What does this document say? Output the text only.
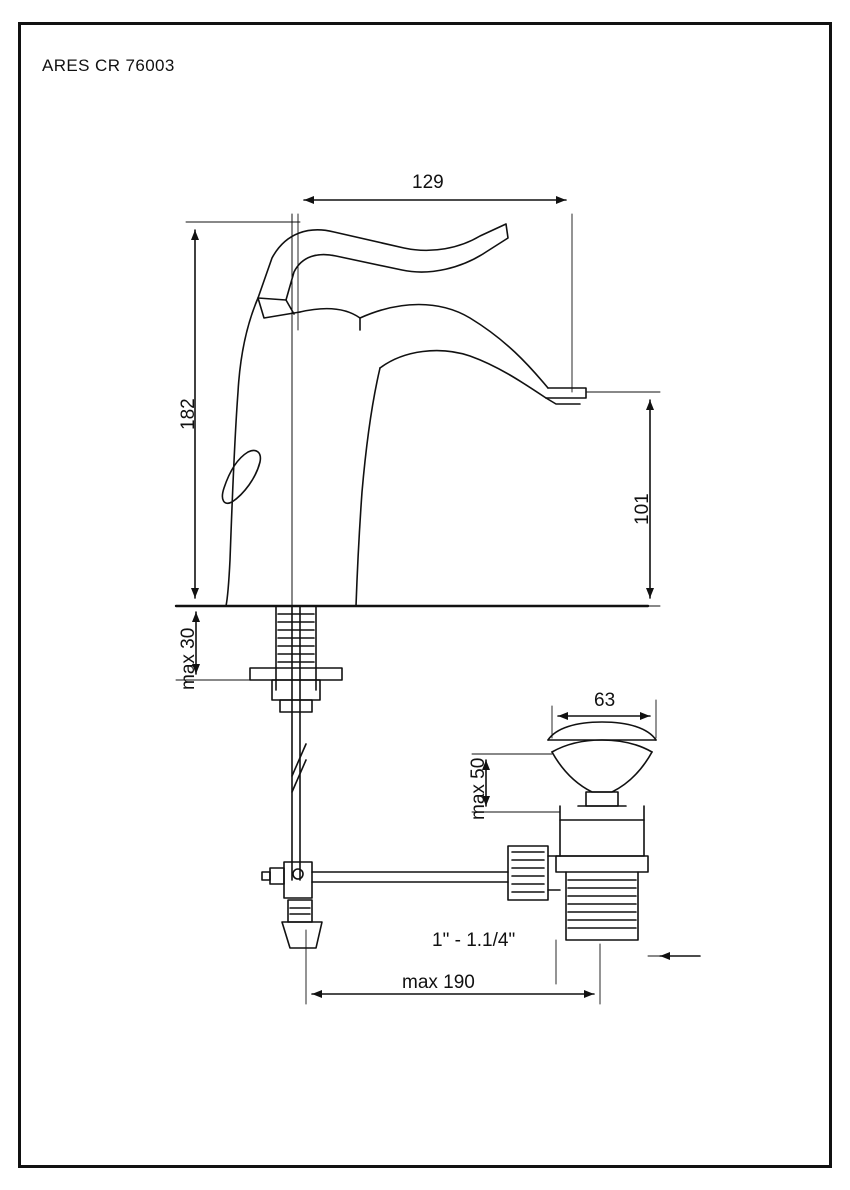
ARES CR 76003
129
182
101
max 30
63
max 50
1" - 1.1/4"
max 190
